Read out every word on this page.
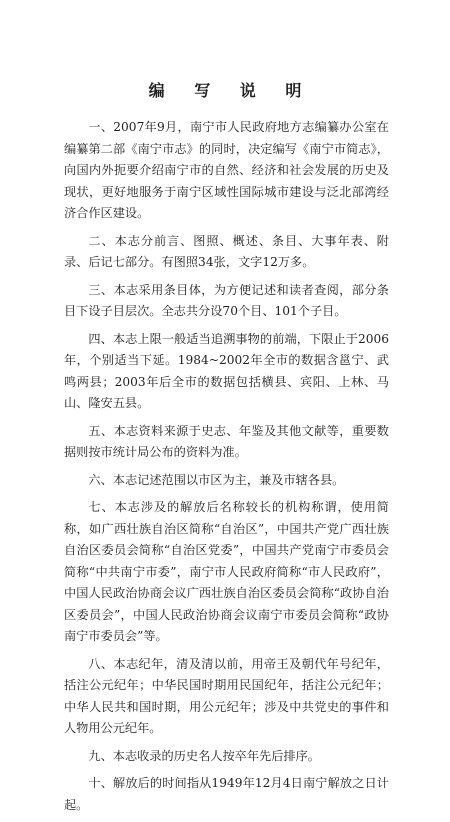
编 写 说 明

一、2007年9月，南宁市人民政府地方志编纂办公室在编纂第二部《南宁市志》的同时，决定编写《南宁市简志》，向国内外扼要介绍南宁市的自然、经济和社会发展的历史及现状，更好地服务于南宁区域性国际城市建设与泛北部湾经济合作区建设。

二、本志分前言、图照、概述、条目、大事年表、附录、后记七部分。有图照34张，文字12万多。

三、本志采用条目体，为方便记述和读者查阅，部分条目下设子目层次。全志共分设70个目、101个子目。

四、本志上限一般适当追溯事物的前端，下限止于2006年，个别适当下延。1984~2002年全市的数据含邕宁、武鸣两县；2003年后全市的数据包括横县、宾阳、上林、马山、隆安五县。

五、本志资料来源于史志、年鉴及其他文献等，重要数据则按市统计局公布的资料为准。

六、本志记述范围以市区为主，兼及市辖各县。

七、本志涉及的解放后名称较长的机构称谓，使用简称，如广西壮族自治区简称“自治区”，中国共产党广西壮族自治区委员会简称“自治区党委”，中国共产党南宁市委员会简称“中共南宁市委”，南宁市人民政府简称“市人民政府”，中国人民政治协商会议广西壮族自治区委员会简称“政协自治区委员会”，中国人民政治协商会议南宁市委员会简称“政协南宁市委员会”等。

八、本志纪年，清及清以前，用帝王及朝代年号纪年，括注公元纪年；中华民国时期用民国纪年，括注公元纪年；中华人民共和国时期，用公元纪年；涉及中共党史的事件和人物用公元纪年。

九、本志收录的历史名人按卒年先后排序。

十、解放后的时间指从1949年12月4日南宁解放之日计起。
